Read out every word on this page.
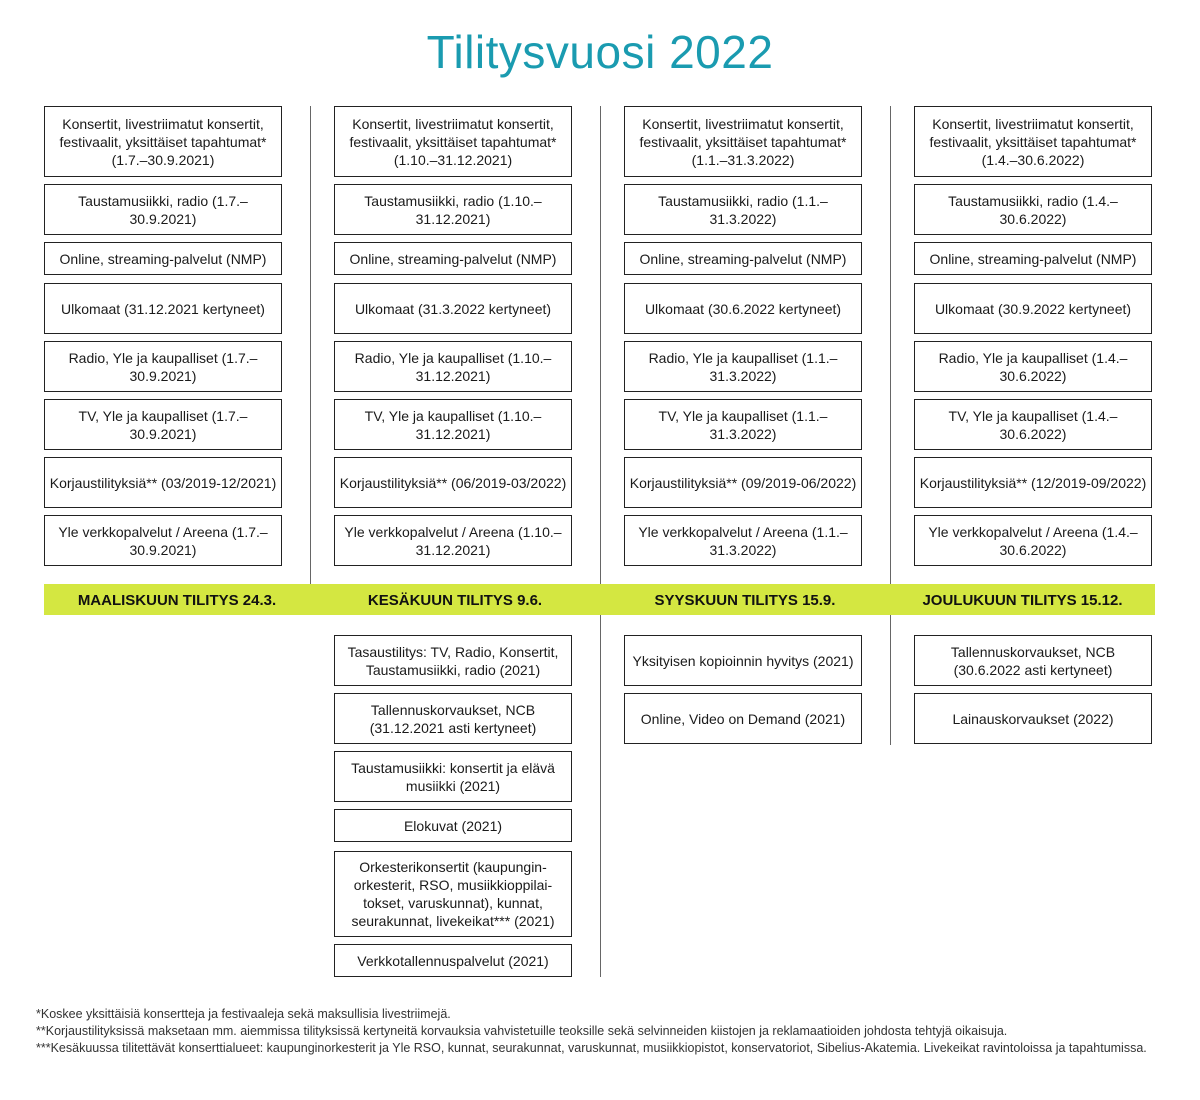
Tilitysvuosi 2022
Konsertit, livestriimatut konsertit, festivaalit, yksittäiset tapahtumat* (1.7.–30.9.2021)
Taustamusiikki, radio (1.7.–30.9.2021)
Online, streaming-palvelut (NMP)
Ulkomaat (31.12.2021 kertyneet)
Radio, Yle ja kaupalliset (1.7.–30.9.2021)
TV, Yle ja kaupalliset (1.7.–30.9.2021)
Korjaustilityksiä** (03/2019-12/2021)
Yle verkkopalvelut / Areena (1.7.–30.9.2021)
MAALISKUUN TILITYS 24.3.
Konsertit, livestriimatut konsertit, festivaalit, yksittäiset tapahtumat* (1.10.–31.12.2021)
Taustamusiikki, radio (1.10.–31.12.2021)
Online, streaming-palvelut (NMP)
Ulkomaat (31.3.2022 kertyneet)
Radio, Yle ja kaupalliset (1.10.–31.12.2021)
TV, Yle ja kaupalliset (1.10.–31.12.2021)
Korjaustilityksiä** (06/2019-03/2022)
Yle verkkopalvelut / Areena (1.10.–31.12.2021)
KESÄKUUN TILITYS 9.6.
Tasaustilitys: TV, Radio, Konsertit, Taustamusiikki, radio (2021)
Tallennuskorvaukset, NCB (31.12.2021 asti kertyneet)
Taustamusiikki: konsertit ja elävä musiikki (2021)
Elokuvat (2021)
Orkesterikonsertit (kaupungin-orkesterit, RSO, musiikkioppilai-tokset, varuskunnat), kunnat, seurakunnat, livekeikat*** (2021)
Verkkotallennuspalvelut (2021)
Konsertit, livestriimatut konsertit, festivaalit, yksittäiset tapahtumat* (1.1.–31.3.2022)
Taustamusiikki, radio (1.1.–31.3.2022)
Online, streaming-palvelut (NMP)
Ulkomaat (30.6.2022 kertyneet)
Radio, Yle ja kaupalliset (1.1.–31.3.2022)
TV, Yle ja kaupalliset (1.1.–31.3.2022)
Korjaustilityksiä** (09/2019-06/2022)
Yle verkkopalvelut / Areena (1.1.–31.3.2022)
SYYSKUUN TILITYS 15.9.
Yksityisen kopioinnin hyvitys (2021)
Online, Video on Demand (2021)
Konsertit, livestriimatut konsertit, festivaalit, yksittäiset tapahtumat* (1.4.–30.6.2022)
Taustamusiikki, radio (1.4.–30.6.2022)
Online, streaming-palvelut (NMP)
Ulkomaat (30.9.2022 kertyneet)
Radio, Yle ja kaupalliset (1.4.–30.6.2022)
TV, Yle ja kaupalliset (1.4.–30.6.2022)
Korjaustilityksiä** (12/2019-09/2022)
Yle verkkopalvelut / Areena (1.4.–30.6.2022)
JOULUKUUN TILITYS 15.12.
Tallennuskorvaukset, NCB (30.6.2022 asti kertyneet)
Lainauskorvaukset (2022)
*Koskee yksittäisiä konsertteja ja festivaaleja sekä maksullisia livestriimejä.
**Korjaustilityksissä maksetaan mm. aiemmissa tilityksissä kertyneitä korvauksia vahvistetuille teoksille sekä selvinneiden kiistojen ja reklamaatioiden johdosta tehtyjä oikaisuja.
***Kesäkuussa tilitettävät konserttialueet: kaupunginorkesterit ja Yle RSO, kunnat, seurakunnat, varuskunnat, musiikkiopistot, konservatoriot, Sibelius-Akatemia. Livekeikat ravintoloissa ja tapahtumissa.
